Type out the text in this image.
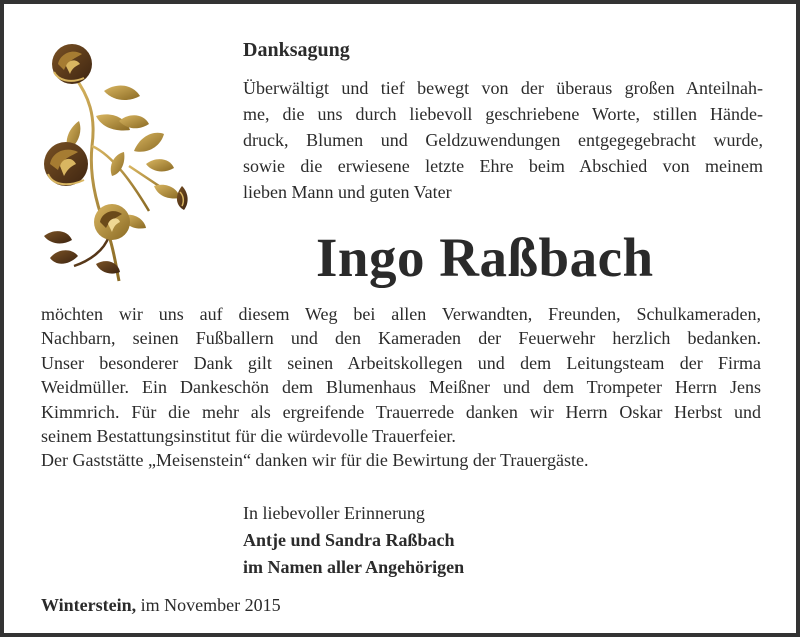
Danksagung
Überwältigt und tief bewegt von der überaus großen Anteilnah-
me, die uns durch liebevoll geschriebene Worte, stillen Hände-
druck, Blumen und Geldzuwendungen entgegegebracht wurde,
sowie die erwiesene letzte Ehre beim Abschied von meinem
lieben Mann und guten Vater
Ingo Raßbach
möchten wir uns auf diesem Weg bei allen Verwandten, Freunden, Schulkameraden,
Nachbarn, seinen Fußballern und den Kameraden der Feuerwehr herzlich bedanken.
Unser besonderer Dank gilt seinen Arbeitskollegen und dem Leitungsteam der Firma
Weidmüller. Ein Dankeschön dem Blumenhaus Meißner und dem Trompeter Herrn Jens
Kimmrich. Für die mehr als ergreifende Trauerrede danken wir Herrn Oskar Herbst und
seinem Bestattungsinstitut für die würdevolle Trauerfeier.
Der Gaststätte „Meisenstein“ danken wir für die Bewirtung der Trauergäste.
In liebevoller Erinnerung
Antje und Sandra Raßbach
im Namen aller Angehörigen
Winterstein, im November 2015
